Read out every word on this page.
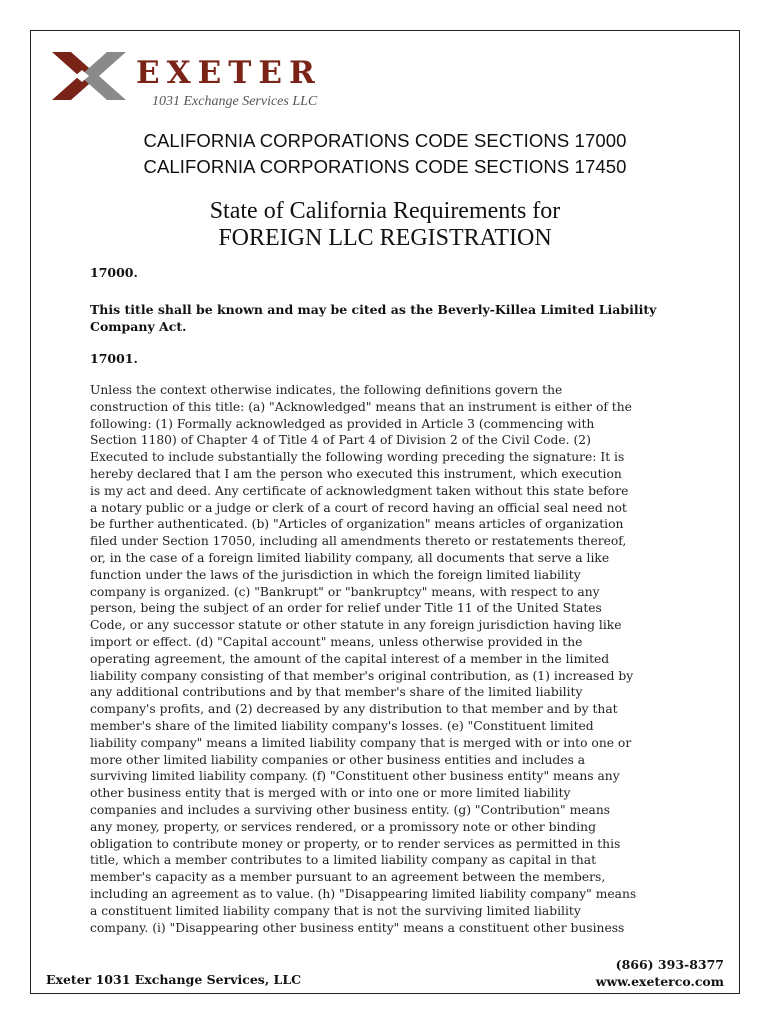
EXETER
1031 Exchange Services LLC
CALIFORNIA CORPORATIONS CODE SECTIONS 17000
CALIFORNIA CORPORATIONS CODE SECTIONS 17450
State of California Requirements for
FOREIGN LLC REGISTRATION
17000.
This title shall be known and may be cited as the Beverly-Killea Limited Liability Company Act.
17001.
Unless the context otherwise indicates, the following definitions govern the
construction of this title: (a) "Acknowledged" means that an instrument is either of the
following: (1) Formally acknowledged as provided in Article 3 (commencing with
Section 1180) of Chapter 4 of Title 4 of Part 4 of Division 2 of the Civil Code. (2)
Executed to include substantially the following wording preceding the signature: It is
hereby declared that I am the person who executed this instrument, which execution
is my act and deed. Any certificate of acknowledgment taken without this state before
a notary public or a judge or clerk of a court of record having an official seal need not
be further authenticated. (b) "Articles of organization" means articles of organization
filed under Section 17050, including all amendments thereto or restatements thereof,
or, in the case of a foreign limited liability company, all documents that serve a like
function under the laws of the jurisdiction in which the foreign limited liability
company is organized. (c) "Bankrupt" or "bankruptcy" means, with respect to any
person, being the subject of an order for relief under Title 11 of the United States
Code, or any successor statute or other statute in any foreign jurisdiction having like
import or effect. (d) "Capital account" means, unless otherwise provided in the
operating agreement, the amount of the capital interest of a member in the limited
liability company consisting of that member's original contribution, as (1) increased by
any additional contributions and by that member's share of the limited liability
company's profits, and (2) decreased by any distribution to that member and by that
member's share of the limited liability company's losses. (e) "Constituent limited
liability company" means a limited liability company that is merged with or into one or
more other limited liability companies or other business entities and includes a
surviving limited liability company. (f) "Constituent other business entity" means any
other business entity that is merged with or into one or more limited liability
companies and includes a surviving other business entity. (g) "Contribution" means
any money, property, or services rendered, or a promissory note or other binding
obligation to contribute money or property, or to render services as permitted in this
title, which a member contributes to a limited liability company as capital in that
member's capacity as a member pursuant to an agreement between the members,
including an agreement as to value. (h) "Disappearing limited liability company" means
a constituent limited liability company that is not the surviving limited liability
company. (i) "Disappearing other business entity" means a constituent other business
Exeter 1031 Exchange Services, LLC
(866) 393-8377
www.exeterco.com
